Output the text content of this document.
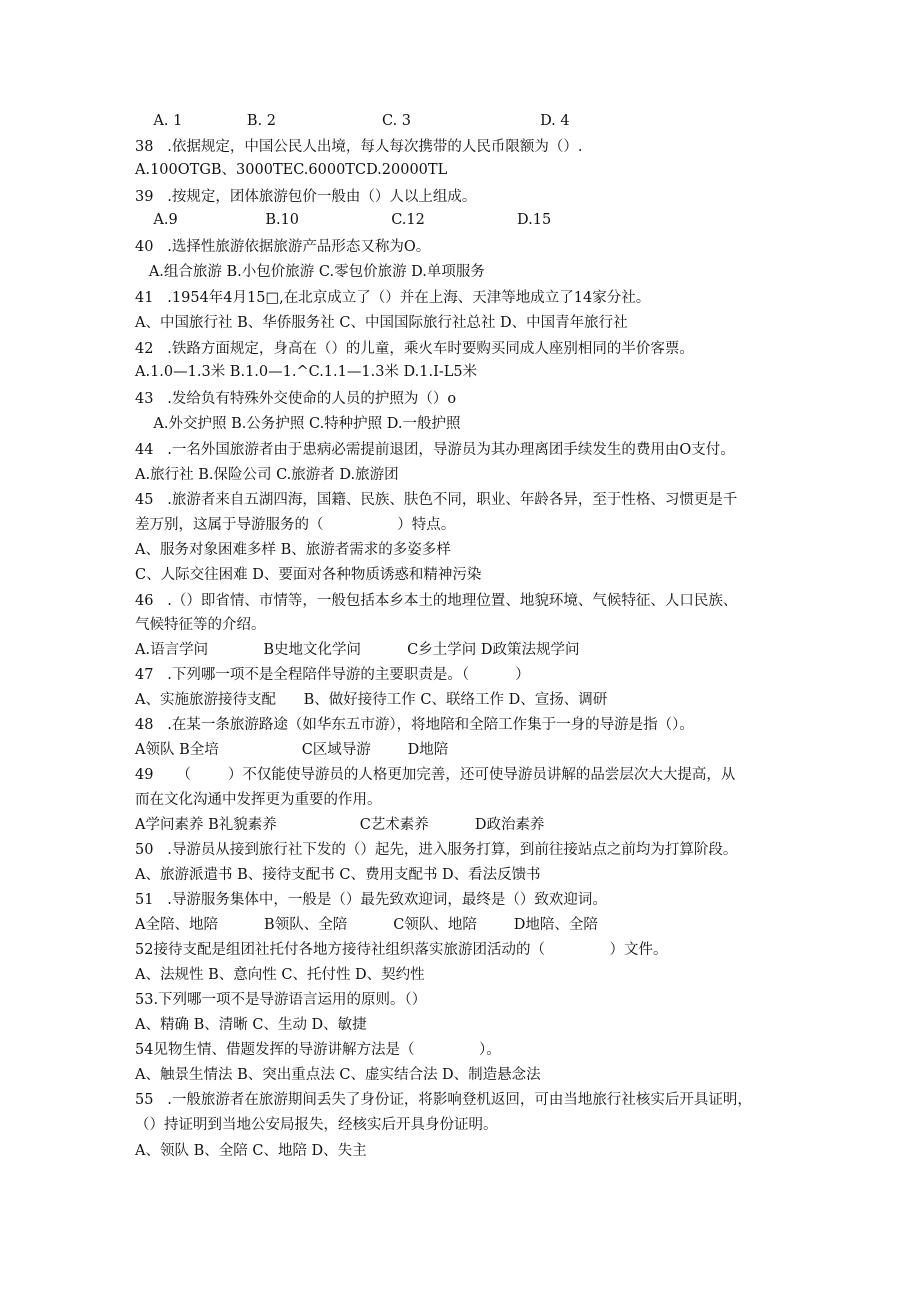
A. 1              B. 2                       C. 3                            D. 4
38   .依据规定，中国公民人出境，每人每次携带的人民币限额为（）.
A.100OTGB、3000TEC.6000TCD.20000TL
39   .按规定，团体旅游包价一般由（）人以上组成。
A.9                   B.10                    C.12                    D.15
40   .选择性旅游依据旅游产品形态又称为O。
A.组合旅游 B.小包价旅游 C.零包价旅游 D.单项服务
41   .1954年4月15□,在北京成立了（）并在上海、天津等地成立了14家分社。
A、中国旅行社 B、华侨服务社 C、中国国际旅行社总社 D、中国青年旅行社
42   .铁路方面规定，身高在（）的儿童，乘火车时要购买同成人座别相同的半价客票。
A.1.0—1.3米 B.1.0—1.^C.1.1—1.3米 D.1.I-L5米
43   .发给负有特殊外交使命的人员的护照为（）o
A.外交护照 B.公务护照 C.特种护照 D.一般护照
44   .一名外国旅游者由于患病必需提前退团，导游员为其办理离团手续发生的费用由O支付。
A.旅行社 B.保险公司 C.旅游者 D.旅游团
45   .旅游者来自五湖四海，国籍、民族、肤色不同，职业、年龄各异，至于性格、习惯更是千
差万别，这属于导游服务的（                ）特点。
A、服务对象困难多样 B、旅游者需求的多姿多样
C、人际交往困难 D、要面对各种物质诱惑和精神污染
46   .（）即省情、市情等，一般包括本乡本土的地理位置、地貌环境、气候特征、人口民族、
气候特征等的介绍。
A.语言学问            B史地文化学问          C乡土学问 D政策法规学问
47   .下列哪一项不是全程陪伴导游的主要职责是。（          ）
A、实施旅游接待支配      B、做好接待工作 C、联络工作 D、宣扬、调研
48   .在某一条旅游路途（如华东五市游），将地陪和全陪工作集于一身的导游是指（）。
A领队 B全培                  C区域导游        D地陪
49     （        ）不仅能使导游员的人格更加完善，还可使导游员讲解的品尝层次大大提高，从
而在文化沟通中发挥更为重要的作用。
A学问素养 B礼貌素养                  C艺术素养          D政治素养
50   .导游员从接到旅行社下发的（）起先，进入服务打算，到前往接站点之前均为打算阶段。
A、旅游派遣书 B、接待支配书 C、费用支配书 D、看法反馈书
51   .导游服务集体中，一般是（）最先致欢迎词，最终是（）致欢迎词。
A全陪、地陪          B领队、全陪          C领队、地陪        D地陪、全陪
52接待支配是组团社托付各地方接待社组织落实旅游团活动的（              ）文件。
A、法规性 B、意向性 C、托付性 D、契约性
53.下列哪一项不是导游语言运用的原则。（）
A、精确 B、清晰 C、生动 D、敏捷
54见物生情、借题发挥的导游讲解方法是（              ）。
A、触景生情法 B、突出重点法 C、虚实结合法 D、制造悬念法
55   .一般旅游者在旅游期间丢失了身份证，将影响登机返回，可由当地旅行社核实后开具证明，
（）持证明到当地公安局报失，经核实后开具身份证明。
A、领队 B、全陪 C、地陪 D、失主
